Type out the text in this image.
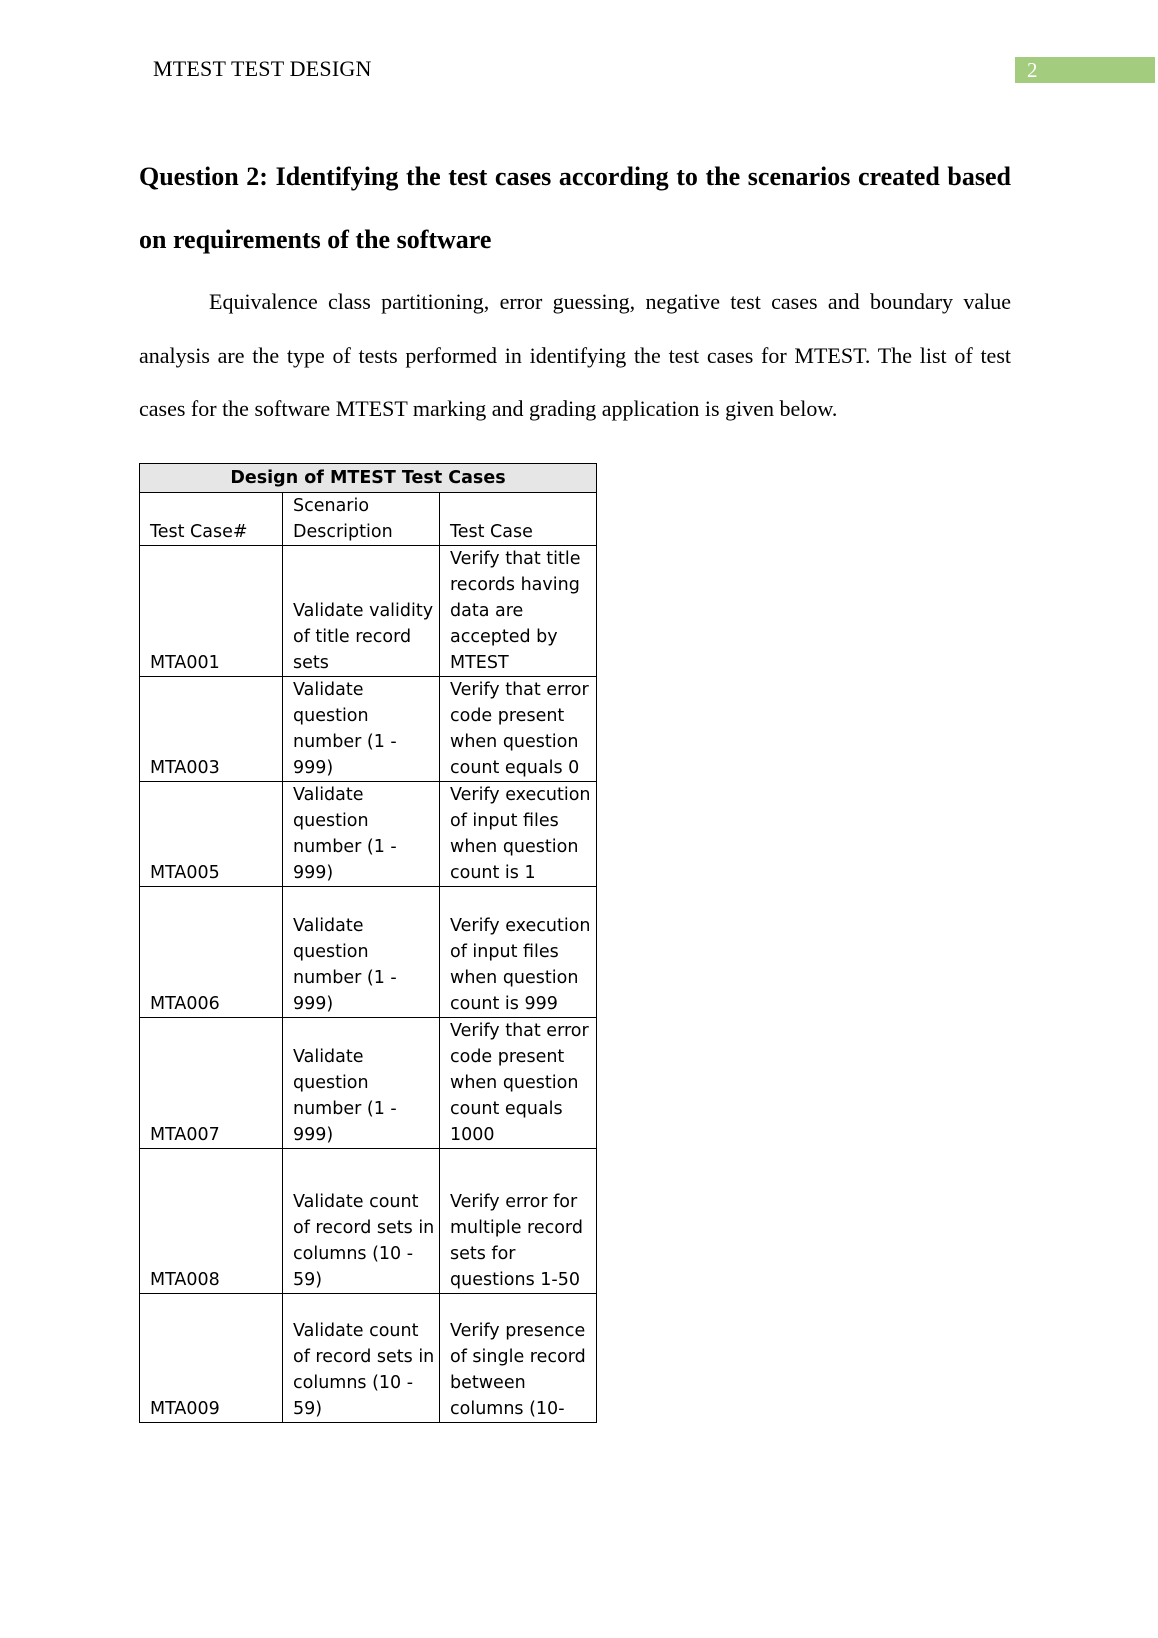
MTEST TEST DESIGN	2
Question 2: Identifying the test cases according to the scenarios created based on requirements of the software
Equivalence class partitioning, error guessing, negative test cases and boundary value analysis are the type of tests performed in identifying the test cases for MTEST. The list of test cases for the software MTEST marking and grading application is given below.
Design of MTEST Test Cases		
Test Case#	Scenario Description	Test Case
MTA001	Validate validity of title record sets	Verify that title records having data are accepted by MTEST
MTA003	Validate question number (1 - 999)	Verify that error code present when question count equals 0
MTA005	Validate question number (1 - 999)	Verify execution of input files when question count is 1
MTA006	Validate question number (1 - 999)	Verify execution of input files when question count is 999
MTA007	Validate question number (1 - 999)	Verify that error code present when question count equals 1000
MTA008	Validate count of record sets in columns (10 - 59)	Verify error for multiple record sets for questions 1-50
MTA009	Validate count of record sets in columns (10 - 59)	Verify presence of single record between columns (10-
